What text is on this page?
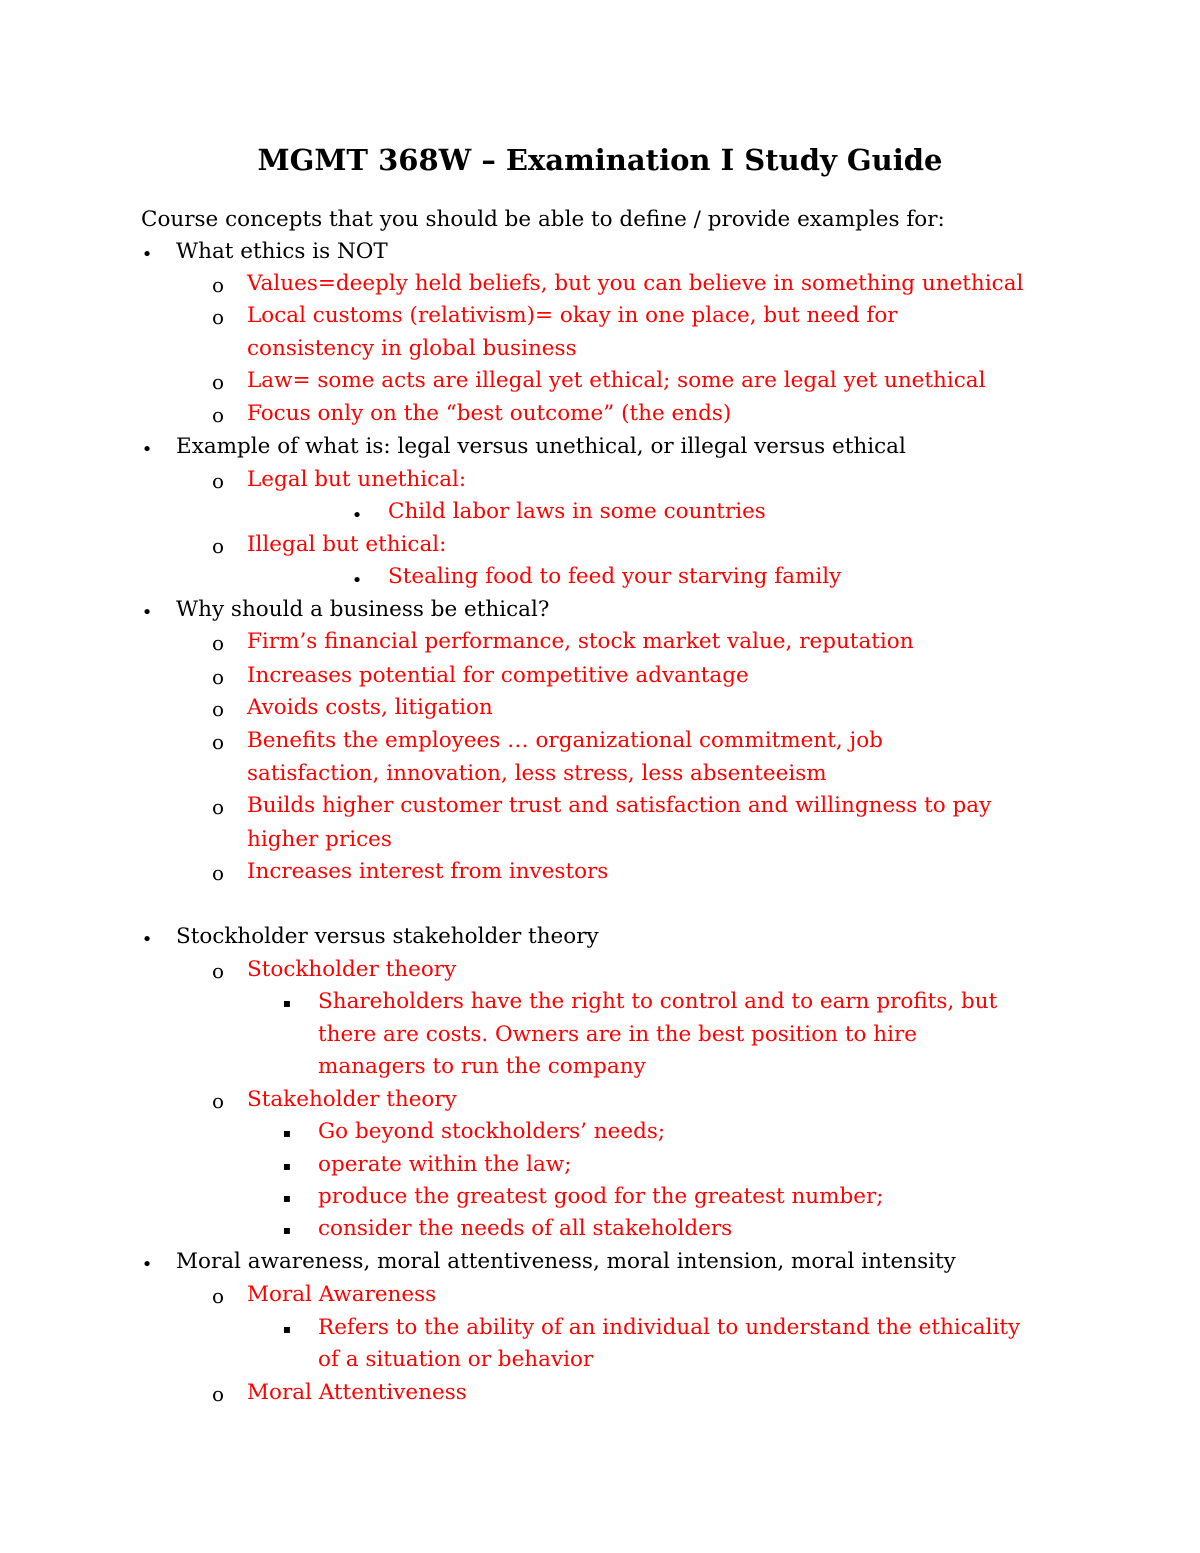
MGMT 368W – Examination I Study Guide
Course concepts that you should be able to define / provide examples for:
• What ethics is NOT
o Values=deeply held beliefs, but you can believe in something unethical
o Local customs (relativism)= okay in one place, but need for
consistency in global business
o Law= some acts are illegal yet ethical; some are legal yet unethical
o Focus only on the “best outcome” (the ends)
• Example of what is: legal versus unethical, or illegal versus ethical
o Legal but unethical:
• Child labor laws in some countries
o Illegal but ethical:
• Stealing food to feed your starving family
• Why should a business be ethical?
o Firm’s financial performance, stock market value, reputation
o Increases potential for competitive advantage
o Avoids costs, litigation
o Benefits the employees … organizational commitment, job
satisfaction, innovation, less stress, less absenteeism
o Builds higher customer trust and satisfaction and willingness to pay
higher prices
o Increases interest from investors
• Stockholder versus stakeholder theory
o Stockholder theory
▪ Shareholders have the right to control and to earn profits, but
there are costs. Owners are in the best position to hire
managers to run the company
o Stakeholder theory
▪ Go beyond stockholders’ needs;
▪ operate within the law;
▪ produce the greatest good for the greatest number;
▪ consider the needs of all stakeholders
• Moral awareness, moral attentiveness, moral intension, moral intensity
o Moral Awareness
▪ Refers to the ability of an individual to understand the ethicality
of a situation or behavior
o Moral Attentiveness
